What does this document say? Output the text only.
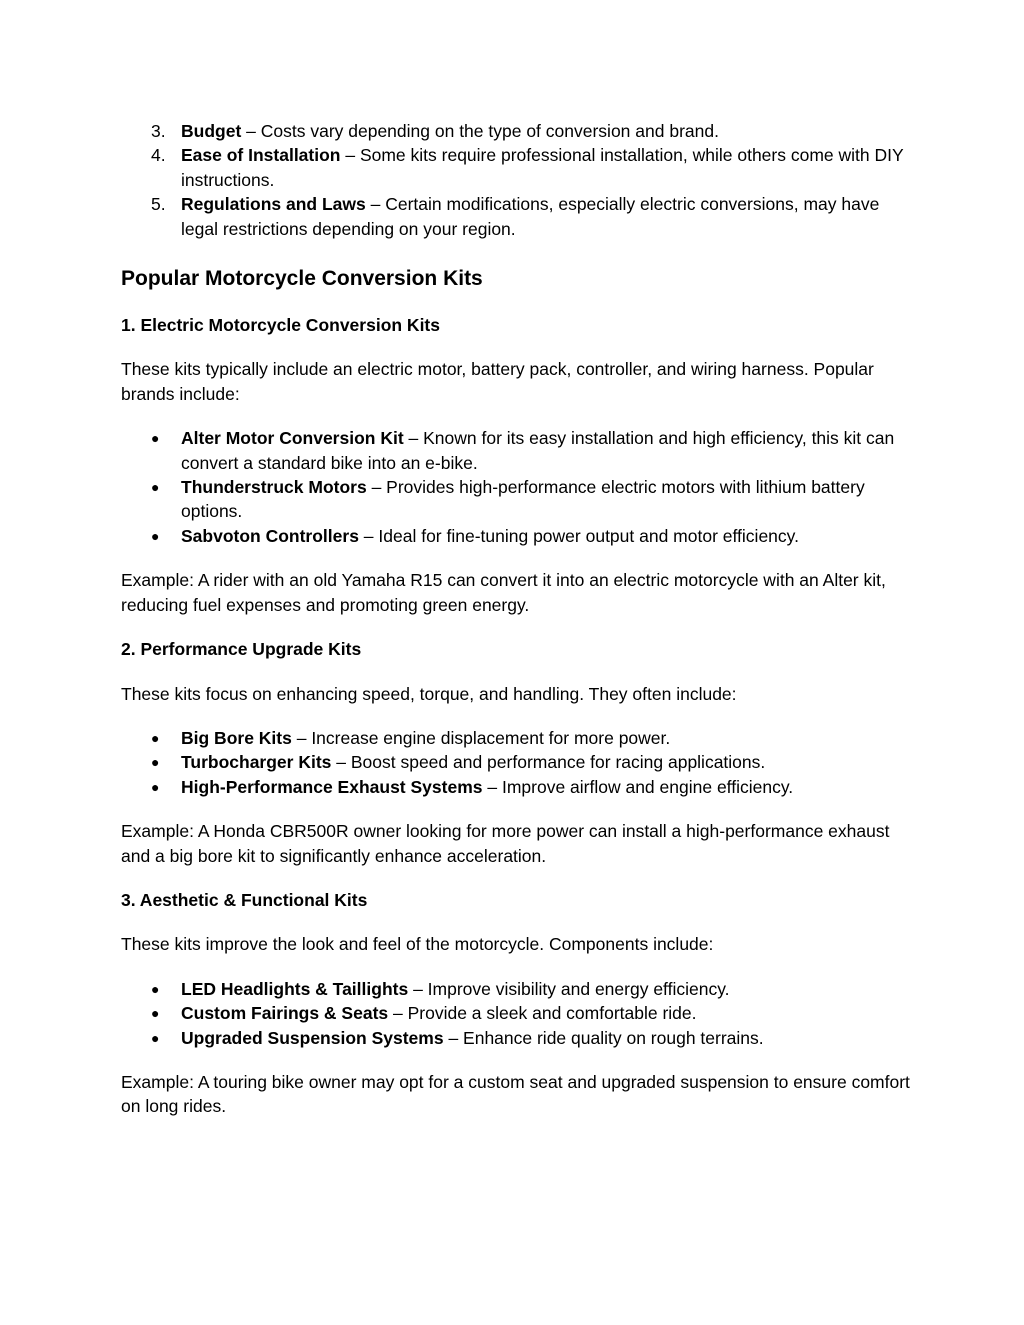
3. Budget – Costs vary depending on the type of conversion and brand.
4. Ease of Installation – Some kits require professional installation, while others come with DIY instructions.
5. Regulations and Laws – Certain modifications, especially electric conversions, may have legal restrictions depending on your region.
Popular Motorcycle Conversion Kits
1. Electric Motorcycle Conversion Kits

These kits typically include an electric motor, battery pack, controller, and wiring harness. Popular brands include:

● Alter Motor Conversion Kit – Known for its easy installation and high efficiency, this kit can convert a standard bike into an e-bike.
● Thunderstruck Motors – Provides high-performance electric motors with lithium battery options.
● Sabvoton Controllers – Ideal for fine-tuning power output and motor efficiency.

Example: A rider with an old Yamaha R15 can convert it into an electric motorcycle with an Alter kit, reducing fuel expenses and promoting green energy.

2. Performance Upgrade Kits

These kits focus on enhancing speed, torque, and handling. They often include:

● Big Bore Kits – Increase engine displacement for more power.
● Turbocharger Kits – Boost speed and performance for racing applications.
● High-Performance Exhaust Systems – Improve airflow and engine efficiency.

Example: A Honda CBR500R owner looking for more power can install a high-performance exhaust and a big bore kit to significantly enhance acceleration.

3. Aesthetic & Functional Kits

These kits improve the look and feel of the motorcycle. Components include:

● LED Headlights & Taillights – Improve visibility and energy efficiency.
● Custom Fairings & Seats – Provide a sleek and comfortable ride.
● Upgraded Suspension Systems – Enhance ride quality on rough terrains.

Example: A touring bike owner may opt for a custom seat and upgraded suspension to ensure comfort on long rides.
